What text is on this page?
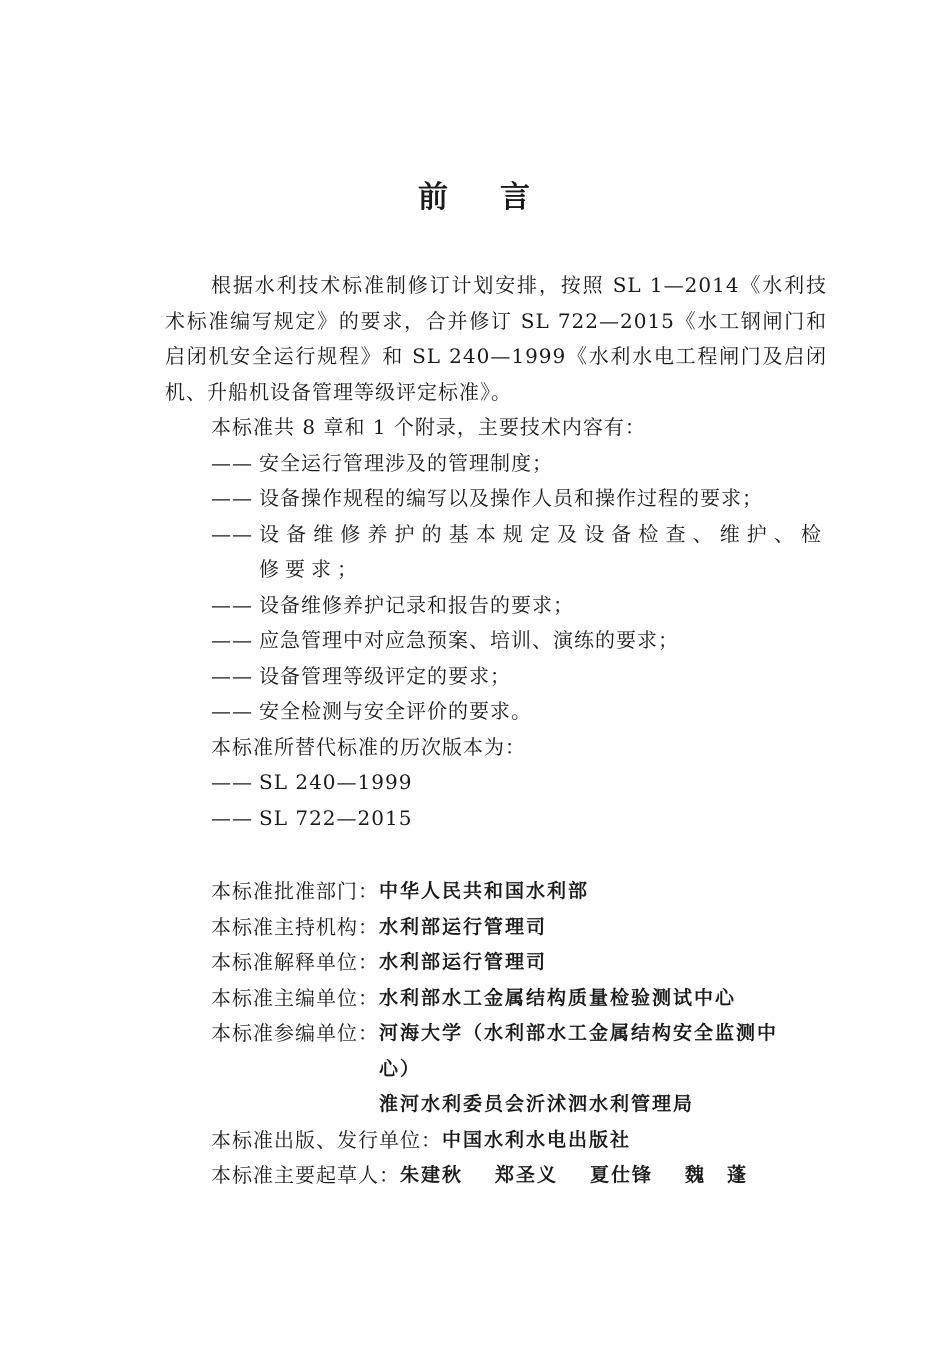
前 言

根据水利技术标准制修订计划安排，按照 SL 1—2014《水利技术标准编写规定》的要求，合并修订 SL 722—2015《水工钢闸门和启闭机安全运行规程》和 SL 240—1999《水利水电工程闸门及启闭机、升船机设备管理等级评定标准》。

本标准共 8 章和 1 个附录，主要技术内容有：

—— 安全运行管理涉及的管理制度；
—— 设备操作规程的编写以及操作人员和操作过程的要求；
—— 设备维修养护的基本规定及设备检查、维护、检修要求；
—— 设备维修养护记录和报告的要求；
—— 应急管理中对应急预案、培训、演练的要求；
—— 设备管理等级评定的要求；
—— 安全检测与安全评价的要求。

本标准所替代标准的历次版本为：

—— SL 240—1999
—— SL 722—2015
本标准批准部门： 中华人民共和国水利部
本标准主持机构： 水利部运行管理司
本标准解释单位： 水利部运行管理司
本标准主编单位： 水利部水工金属结构质量检验测试中心
本标准参编单位： 河海大学（水利部水工金属结构安全监测中心）
淮河水利委员会沂沭泗水利管理局
本标准出版、发行单位： 中国水利水电出版社
本标准主要起草人： 朱建秋 郑圣义 夏仕锋 魏　蓬
